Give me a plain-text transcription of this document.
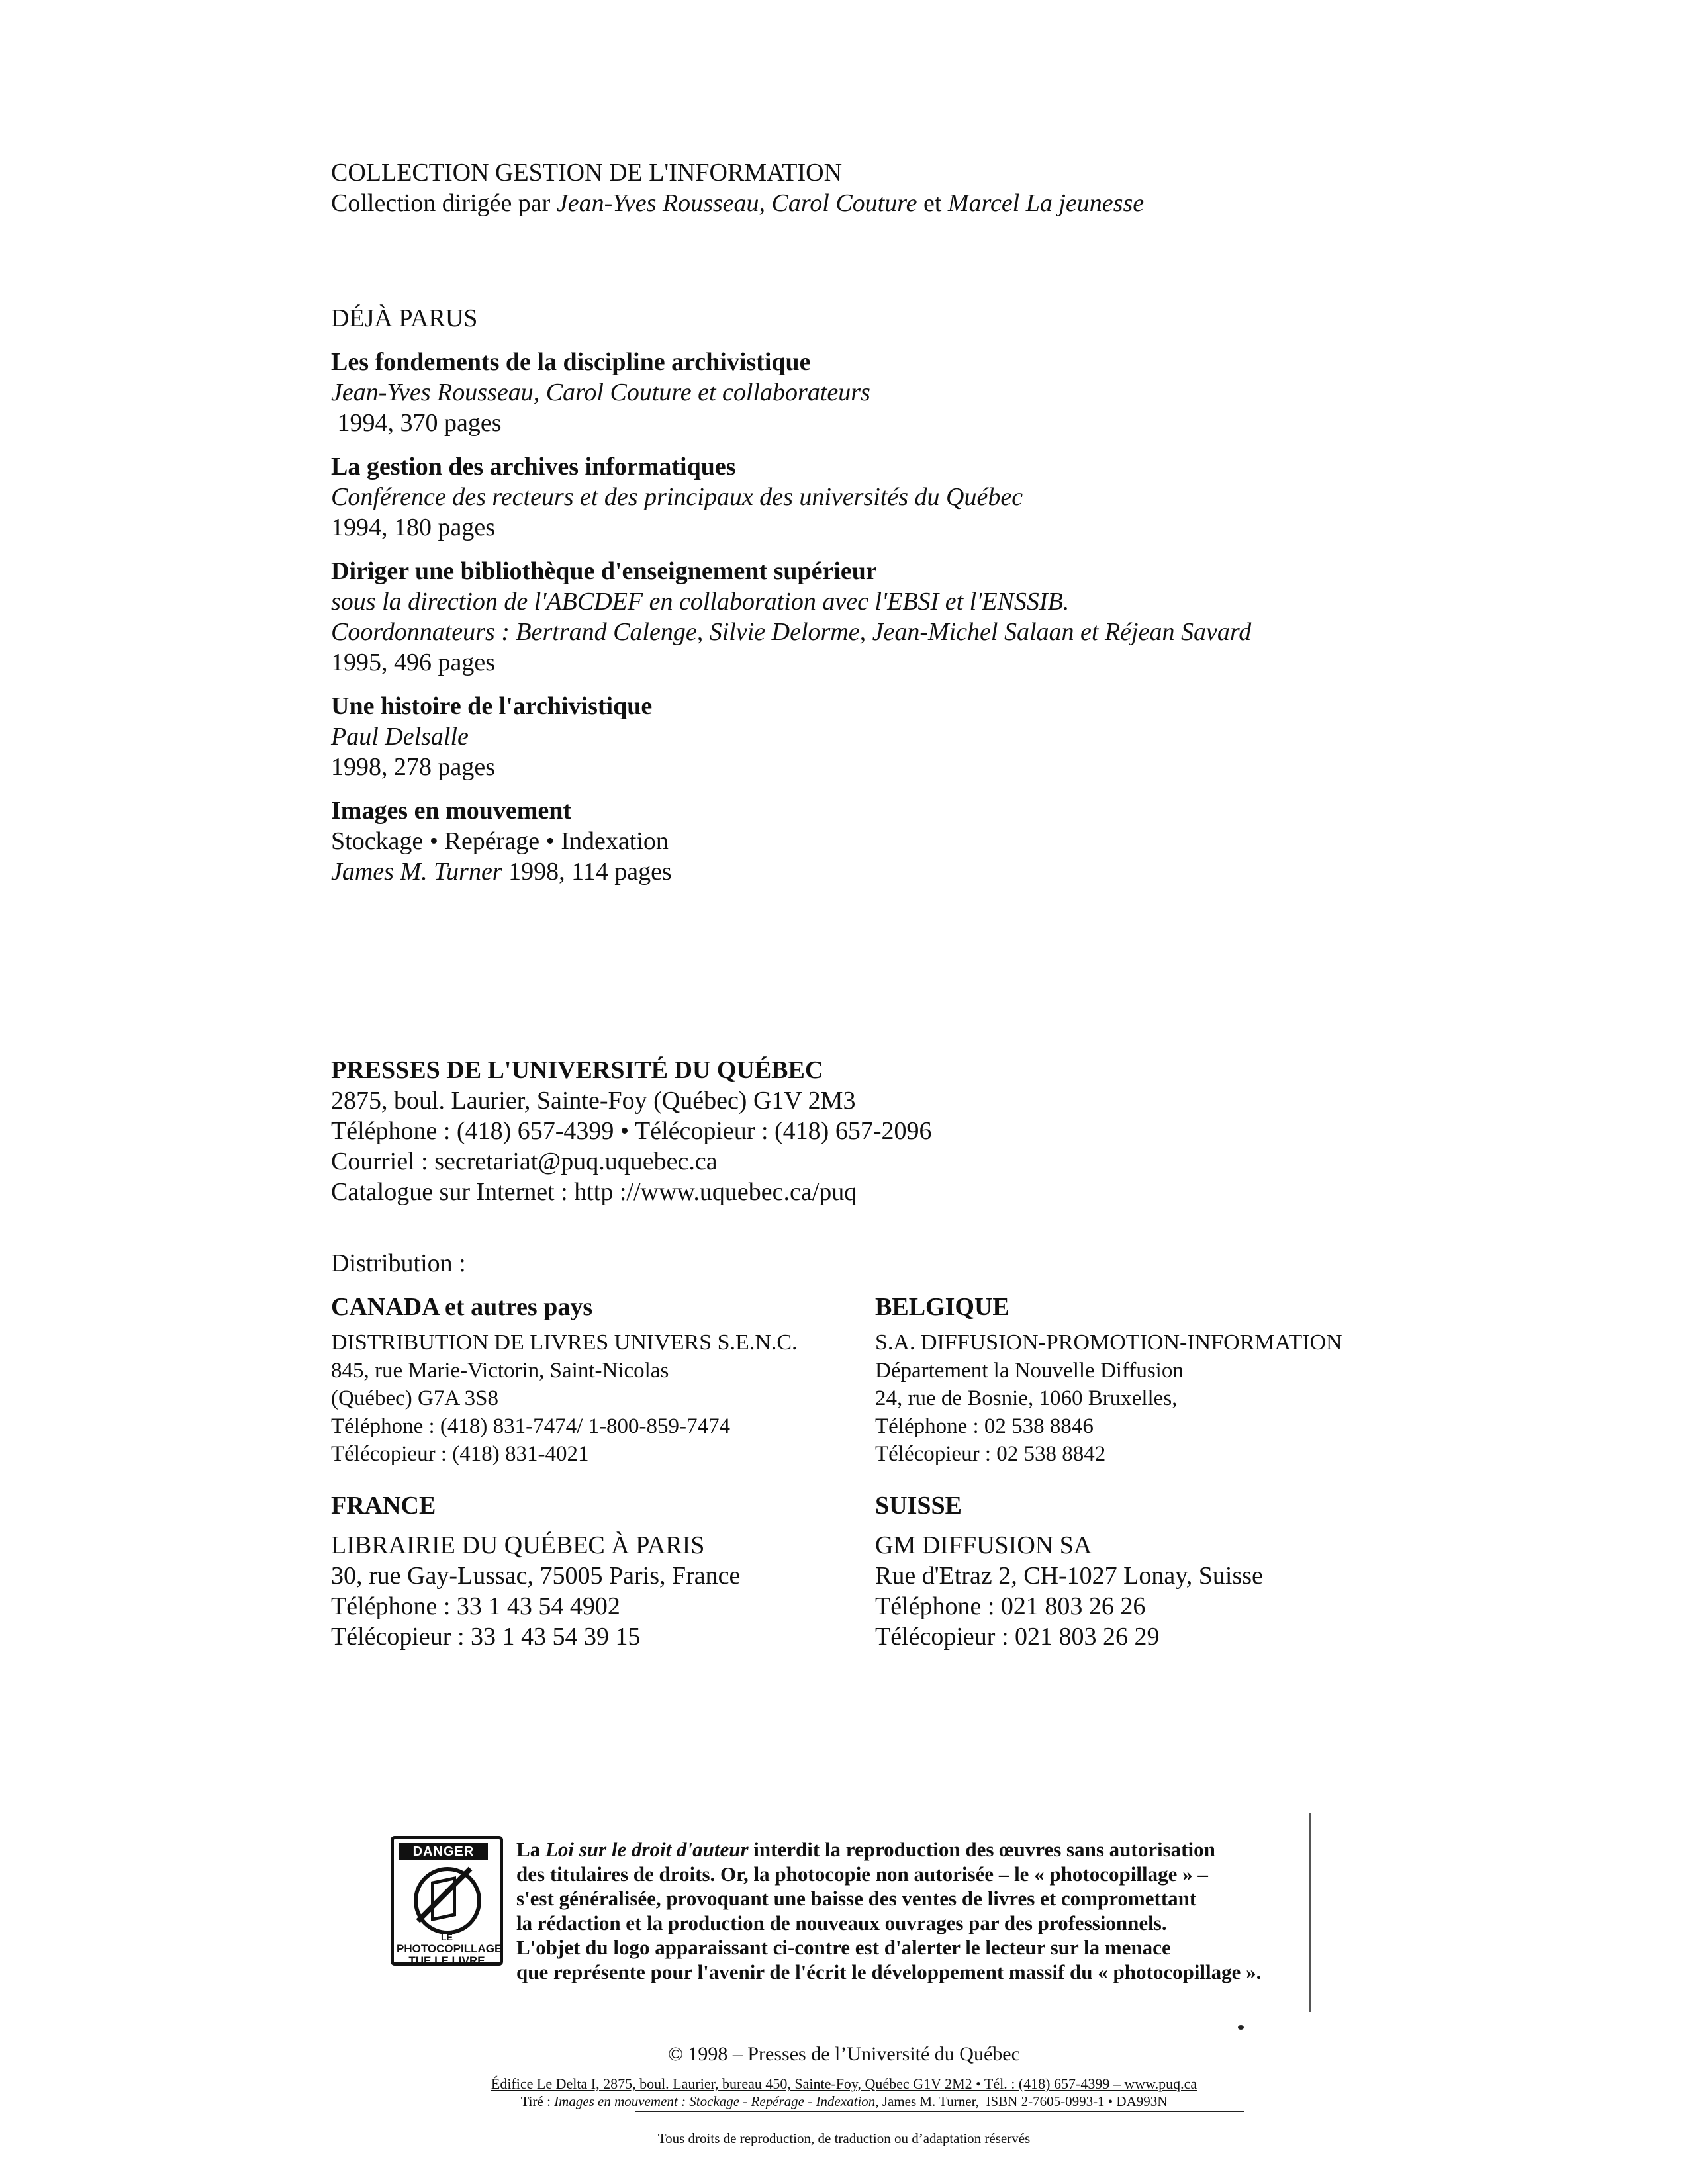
COLLECTION GESTION DE L'INFORMATION
Collection dirigée par Jean-Yves Rousseau, Carol Couture et Marcel La jeunesse
DÉJÀ PARUS
Les fondements de la discipline archivistique
Jean-Yves Rousseau, Carol Couture et collaborateurs
1994, 370 pages
La gestion des archives informatiques
Conférence des recteurs et des principaux des universités du Québec
1994, 180 pages
Diriger une bibliothèque d'enseignement supérieur
sous la direction de l'ABCDEF en collaboration avec l'EBSI et l'ENSSIB.
Coordonnateurs : Bertrand Calenge, Silvie Delorme, Jean-Michel Salaan et Réjean Savard
1995, 496 pages
Une histoire de l'archivistique
Paul Delsalle
1998, 278 pages
Images en mouvement
Stockage • Repérage • Indexation
James M. Turner 1998, 114 pages
PRESSES DE L'UNIVERSITÉ DU QUÉBEC
2875, boul. Laurier, Sainte-Foy (Québec) G1V 2M3
Téléphone : (418) 657-4399 • Télécopieur : (418) 657-2096
Courriel : secretariat@puq.uquebec.ca
Catalogue sur Internet : http ://www.uquebec.ca/puq
Distribution :
CANADA et autres pays
DISTRIBUTION DE LIVRES UNIVERS S.E.N.C.
845, rue Marie-Victorin, Saint-Nicolas
(Québec) G7A 3S8
Téléphone : (418) 831-7474/ 1-800-859-7474
Télécopieur : (418) 831-4021
BELGIQUE
S.A. DIFFUSION-PROMOTION-INFORMATION
Département la Nouvelle Diffusion
24, rue de Bosnie, 1060 Bruxelles,
Téléphone : 02 538 8846
Télécopieur : 02 538 8842
FRANCE
LIBRAIRIE DU QUÉBEC À PARIS
30, rue Gay-Lussac, 75005 Paris, France
Téléphone : 33 1 43 54 4902
Télécopieur : 33 1 43 54 39 15
SUISSE
GM DIFFUSION SA
Rue d'Etraz 2, CH-1027 Lonay, Suisse
Téléphone : 021 803 26 26
Télécopieur : 021 803 26 29
DANGER
LE
PHOTOCOPILLAGE
TUE LE LIVRE
La Loi sur le droit d'auteur interdit la reproduction des œuvres sans autorisation
des titulaires de droits. Or, la photocopie non autorisée – le « photocopillage » –
s'est généralisée, provoquant une baisse des ventes de livres et compromettant
la rédaction et la production de nouveaux ouvrages par des professionnels.
L'objet du logo apparaissant ci-contre est d'alerter le lecteur sur la menace
que représente pour l'avenir de l'écrit le développement massif du « photocopillage ».
© 1998 – Presses de l’Université du Québec
Édifice Le Delta I, 2875, boul. Laurier, bureau 450, Sainte-Foy, Québec G1V 2M2 • Tél. : (418) 657-4399 – www.puq.ca
Tiré : Images en mouvement : Stockage - Repérage - Indexation, James M. Turner,  ISBN 2-7605-0993-1 • DA993N
Tous droits de reproduction, de traduction ou d’adaptation réservés
